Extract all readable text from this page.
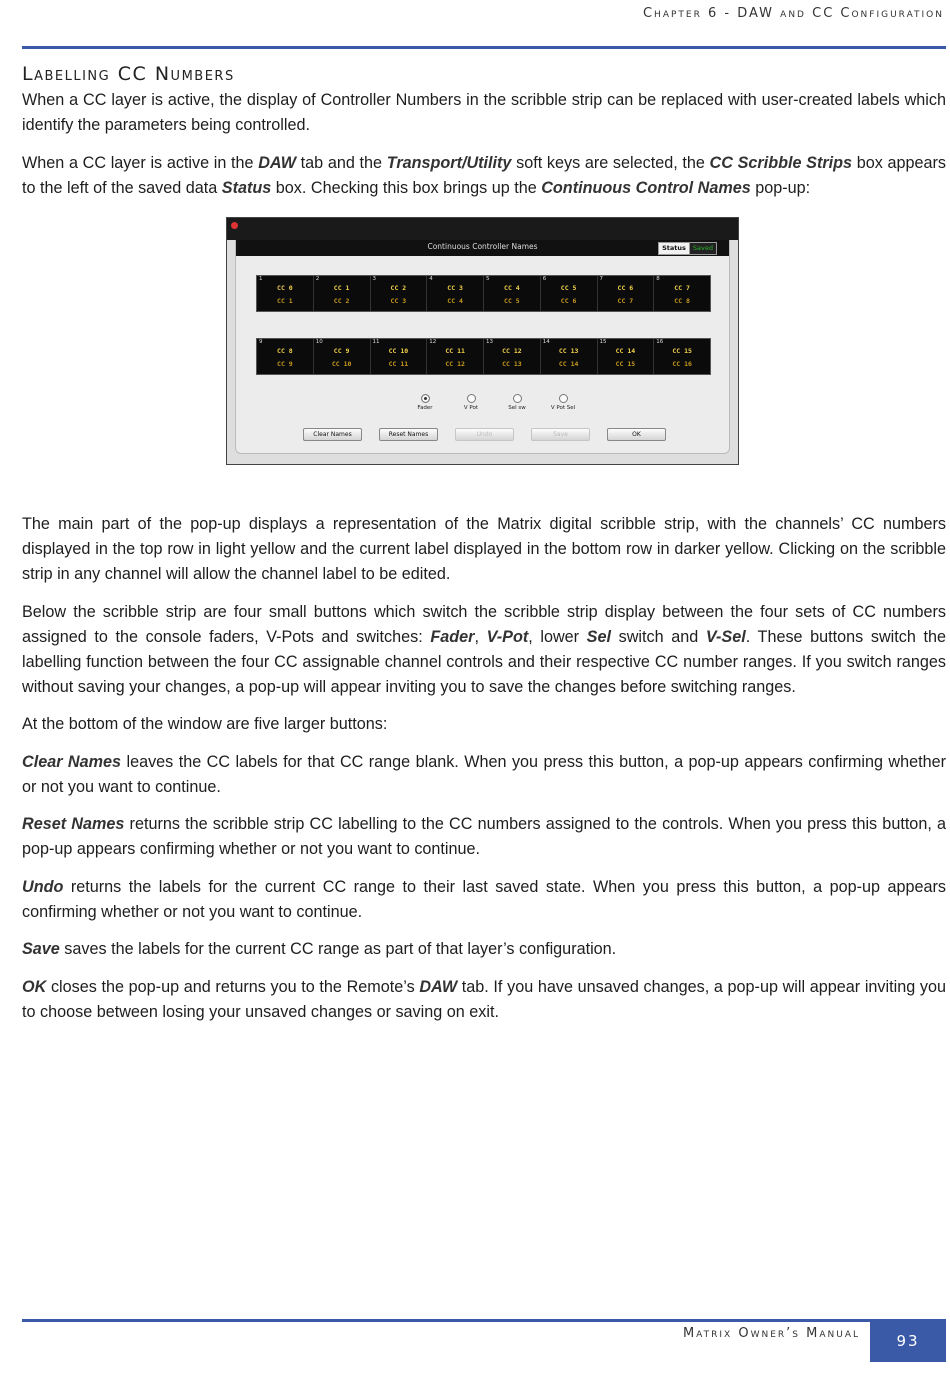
Chapter 6 - DAW and CC Configuration
Labelling CC Numbers

When a CC layer is active, the display of Controller Numbers in the scribble strip can be replaced with user-created labels which identify the parameters being controlled.

When a CC layer is active in the DAW tab and the Transport/Utility soft keys are selected, the CC Scribble Strips box appears to the left of the saved data Status box. Checking this box brings up the Continuous Control Names pop-up:

Continuous Controller Names	Status	Saved
1
CC 0
CC 1
2
CC 1
CC 2
3
CC 2
CC 3
4
CC 3
CC 4
5
CC 4
CC 5
6
CC 5
CC 6
7
CC 6
CC 7
8
CC 7
CC 8
9
CC 8
CC 9
10
CC 9
CC 10
11
CC 10
CC 11
12
CC 11
CC 12
13
CC 12
CC 13
14
CC 13
CC 14
15
CC 14
CC 15
16
CC 15
CC 16
Fader	V Pot	Sel sw	V Pot Sel
Clear Names	Reset Names	Undo	Save	OK

The main part of the pop-up displays a representation of the Matrix digital scribble strip, with the channels’ CC numbers displayed in the top row in light yellow and the current label displayed in the bottom row in darker yellow. Clicking on the scribble strip in any channel will allow the channel label to be edited.

Below the scribble strip are four small buttons which switch the scribble strip display between the four sets of CC numbers assigned to the console faders, V-Pots and switches: Fader, V-Pot, lower Sel switch and V-Sel. These buttons switch the labelling function between the four CC assignable channel controls and their respective CC number ranges. If you switch ranges without saving your changes, a pop-up will appear inviting you to save the changes before switching ranges.

At the bottom of the window are five larger buttons:

Clear Names leaves the CC labels for that CC range blank. When you press this button, a pop-up appears confirming whether or not you want to continue.

Reset Names returns the scribble strip CC labelling to the CC numbers assigned to the controls. When you press this button, a pop-up appears confirming whether or not you want to continue.

Undo returns the labels for the current CC range to their last saved state. When you press this button, a pop-up appears confirming whether or not you want to continue.

Save saves the labels for the current CC range as part of that layer’s configuration.

OK closes the pop-up and returns you to the Remote’s DAW tab. If you have unsaved changes, a pop-up will appear inviting you to choose between losing your unsaved changes or saving on exit.

Matrix Owner’s Manual	93
